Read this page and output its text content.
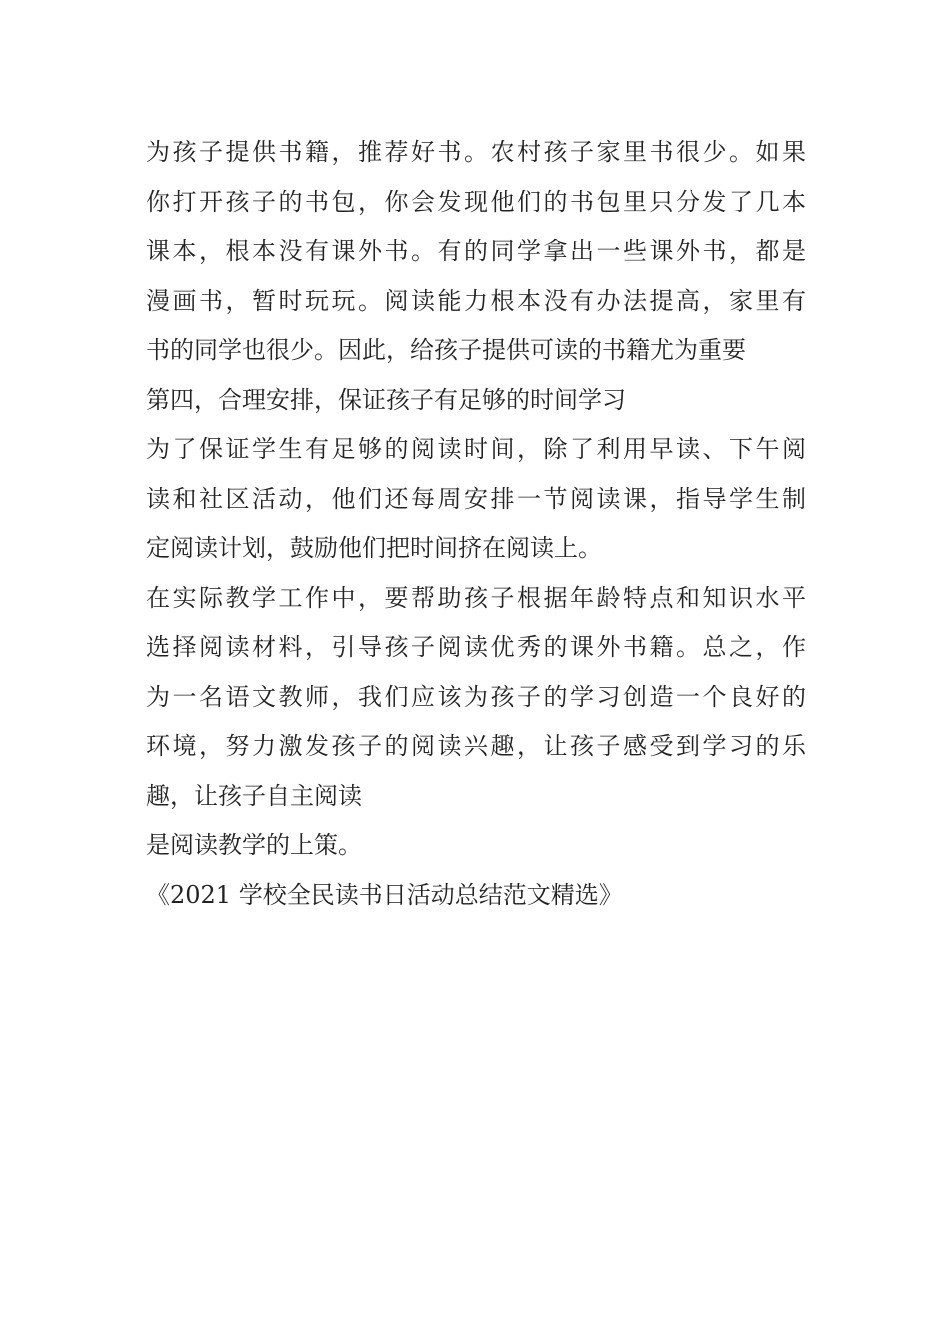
为孩子提供书籍，推荐好书。农村孩子家里书很少。如果
你打开孩子的书包，你会发现他们的书包里只分发了几本
课本，根本没有课外书。有的同学拿出一些课外书，都是
漫画书，暂时玩玩。阅读能力根本没有办法提高，家里有
书的同学也很少。因此，给孩子提供可读的书籍尤为重要
第四，合理安排，保证孩子有足够的时间学习
为了保证学生有足够的阅读时间，除了利用早读、下午阅
读和社区活动，他们还每周安排一节阅读课，指导学生制
定阅读计划，鼓励他们把时间挤在阅读上。
在实际教学工作中，要帮助孩子根据年龄特点和知识水平
选择阅读材料，引导孩子阅读优秀的课外书籍。总之，作
为一名语文教师，我们应该为孩子的学习创造一个良好的
环境，努力激发孩子的阅读兴趣，让孩子感受到学习的乐
趣，让孩子自主阅读
是阅读教学的上策。
《2021 学校全民读书日活动总结范文精选》
